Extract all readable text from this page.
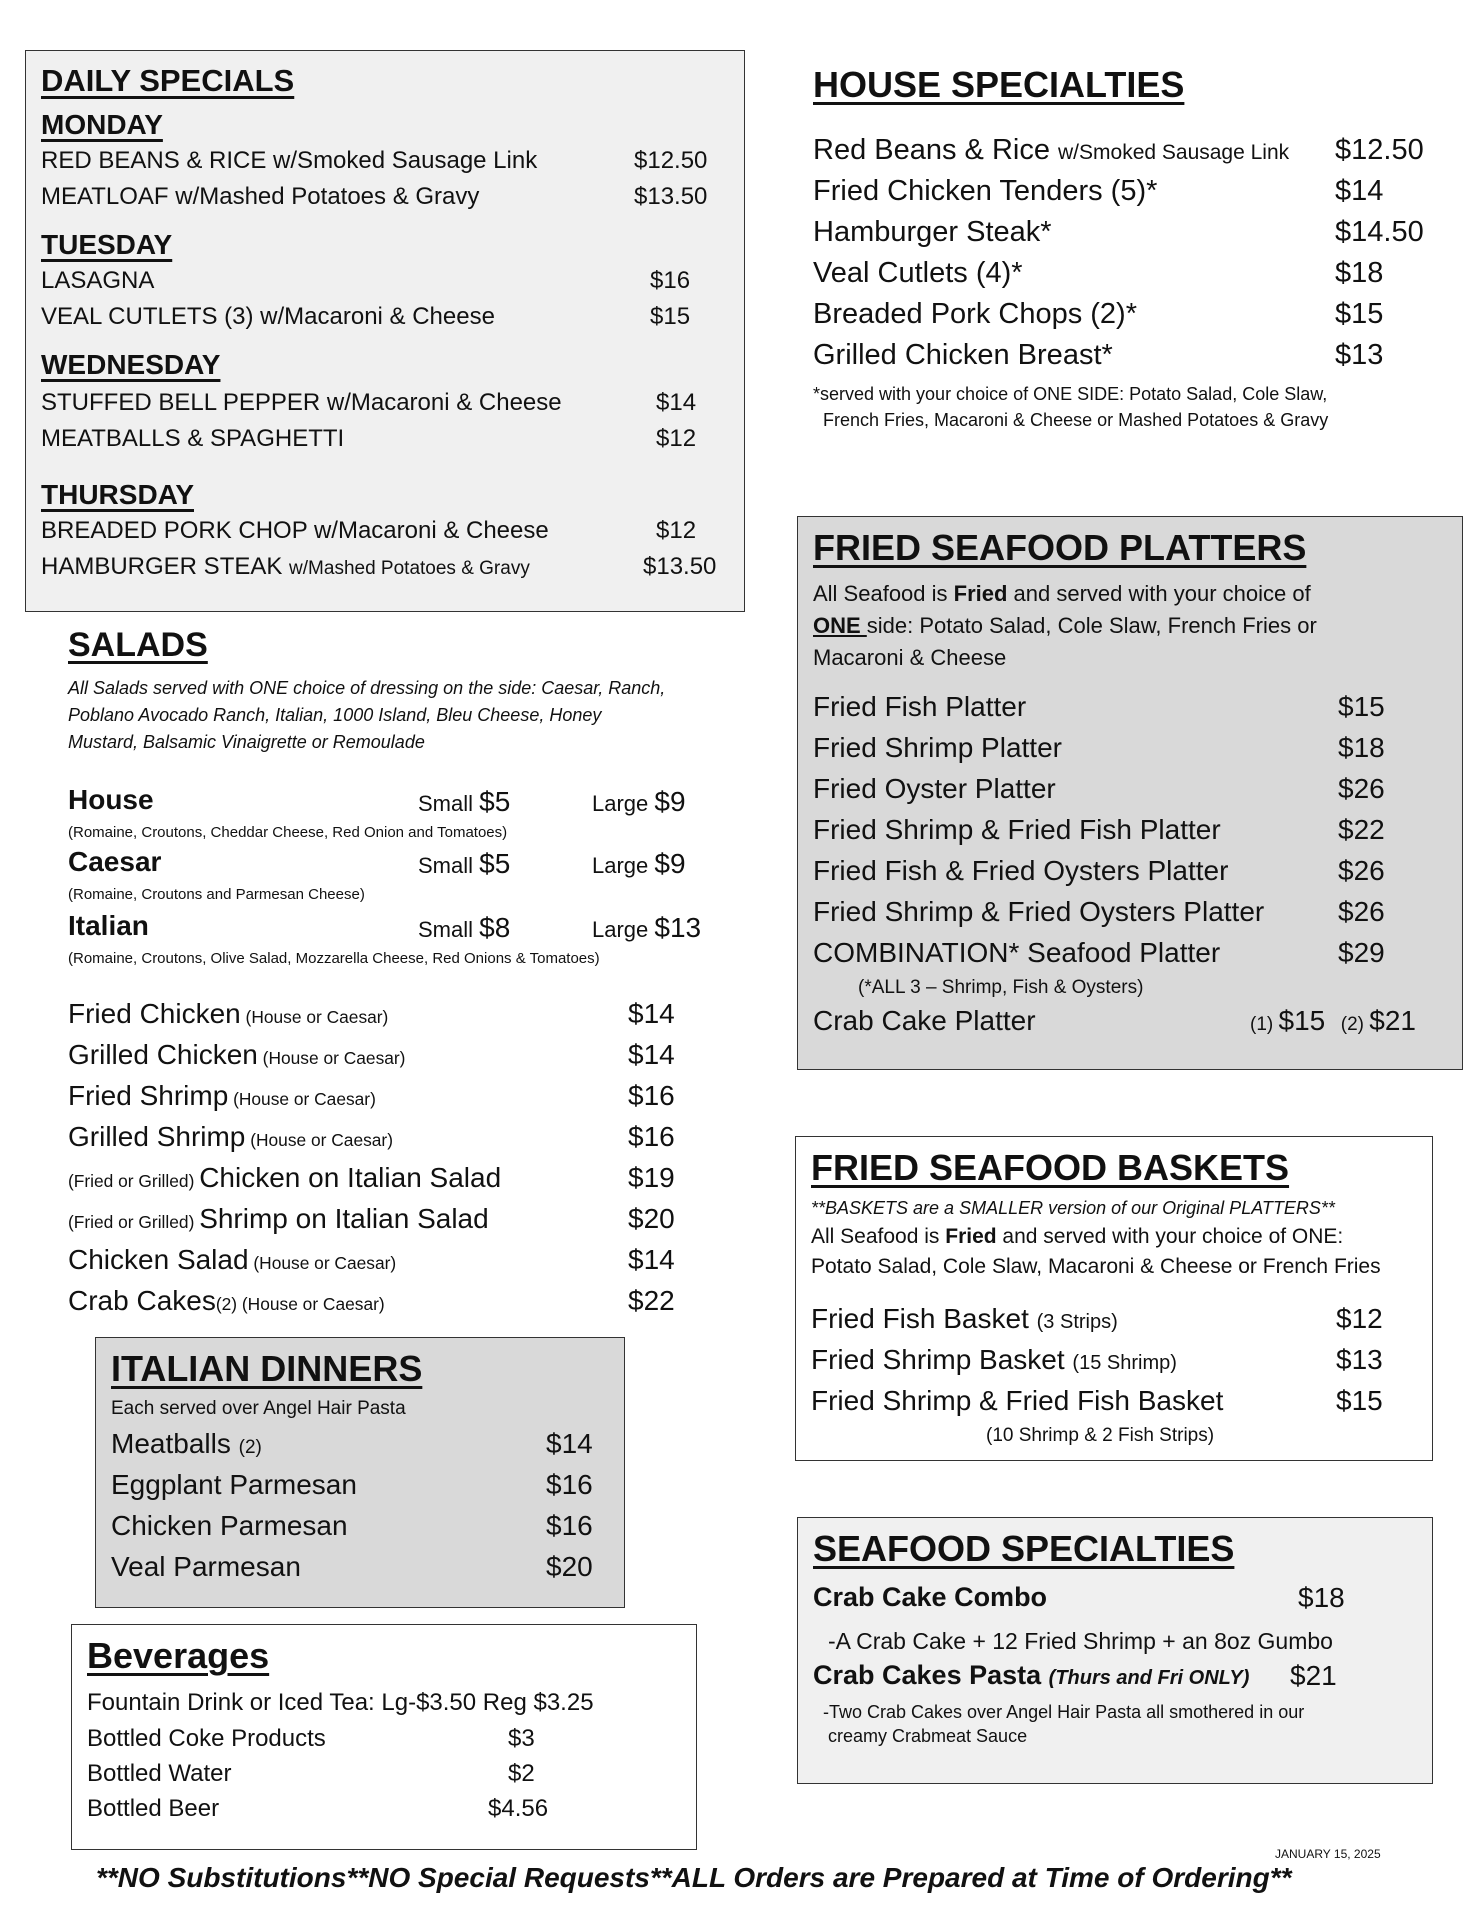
DAILY SPECIALS
MONDAY
RED BEANS & RICE w/Smoked Sausage Link	$12.50
MEATLOAF w/Mashed Potatoes & Gravy	$13.50
TUESDAY
LASAGNA	$16
VEAL CUTLETS (3) w/Macaroni & Cheese	$15
WEDNESDAY
STUFFED BELL PEPPER w/Macaroni & Cheese	$14
MEATBALLS & SPAGHETTI	$12
THURSDAY
BREADED PORK CHOP w/Macaroni & Cheese	$12
HAMBURGER STEAK w/Mashed Potatoes & Gravy	$13.50
HOUSE SPECIALTIES
Red Beans & Rice w/Smoked Sausage Link $12.50
Fried Chicken Tenders (5)*	$14
Hamburger Steak*	$14.50
Veal Cutlets (4)*	$18
Breaded Pork Chops (2)*	$15
Grilled Chicken Breast*	$13
*served with your choice of ONE SIDE: Potato Salad, Cole Slaw,
French Fries, Macaroni & Cheese or Mashed Potatoes & Gravy
SALADS
All Salads served with ONE choice of dressing on the side: Caesar, Ranch,
Poblano Avocado Ranch, Italian, 1000 Island, Bleu Cheese, Honey
Mustard, Balsamic Vinaigrette or Remoulade
House	Small $5	Large $9
(Romaine, Croutons, Cheddar Cheese, Red Onion and Tomatoes)
Caesar	Small $5	Large $9
(Romaine, Croutons and Parmesan Cheese)
Italian	Small $8	Large $13
(Romaine, Croutons, Olive Salad, Mozzarella Cheese, Red Onions & Tomatoes)
Fried Chicken (House or Caesar)	$14
Grilled Chicken (House or Caesar)	$14
Fried Shrimp (House or Caesar)	$16
Grilled Shrimp (House or Caesar)	$16
(Fried or Grilled) Chicken on Italian Salad	$19
(Fried or Grilled) Shrimp on Italian Salad	$20
Chicken Salad (House or Caesar)	$14
Crab Cakes(2) (House or Caesar)	$22
ITALIAN DINNERS
Each served over Angel Hair Pasta
Meatballs (2)	$14
Eggplant Parmesan	$16
Chicken Parmesan	$16
Veal Parmesan	$20
Beverages
Fountain Drink or Iced Tea: Lg-$3.50 Reg $3.25
Bottled Coke Products	$3
Bottled Water	$2
Bottled Beer	$4.56
FRIED SEAFOOD PLATTERS
All Seafood is Fried and served with your choice of
ONE side: Potato Salad, Cole Slaw, French Fries or
Macaroni & Cheese
Fried Fish Platter	$15
Fried Shrimp Platter	$18
Fried Oyster Platter	$26
Fried Shrimp & Fried Fish Platter	$22
Fried Fish & Fried Oysters Platter	$26
Fried Shrimp & Fried Oysters Platter	$26
COMBINATION* Seafood Platter	$29
(*ALL 3 – Shrimp, Fish & Oysters)
Crab Cake Platter	(1) $15 (2) $21
FRIED SEAFOOD BASKETS
**BASKETS are a SMALLER version of our Original PLATTERS**
All Seafood is Fried and served with your choice of ONE:
Potato Salad, Cole Slaw, Macaroni & Cheese or French Fries
Fried Fish Basket (3 Strips)	$12
Fried Shrimp Basket (15 Shrimp)	$13
Fried Shrimp & Fried Fish Basket	$15
(10 Shrimp & 2 Fish Strips)
SEAFOOD SPECIALTIES
Crab Cake Combo	$18
-A Crab Cake + 12 Fried Shrimp + an 8oz Gumbo
Crab Cakes Pasta (Thurs and Fri ONLY) $21
-Two Crab Cakes over Angel Hair Pasta all smothered in our
creamy Crabmeat Sauce
JANUARY 15, 2025
**NO Substitutions**NO Special Requests**ALL Orders are Prepared at Time of Ordering**
